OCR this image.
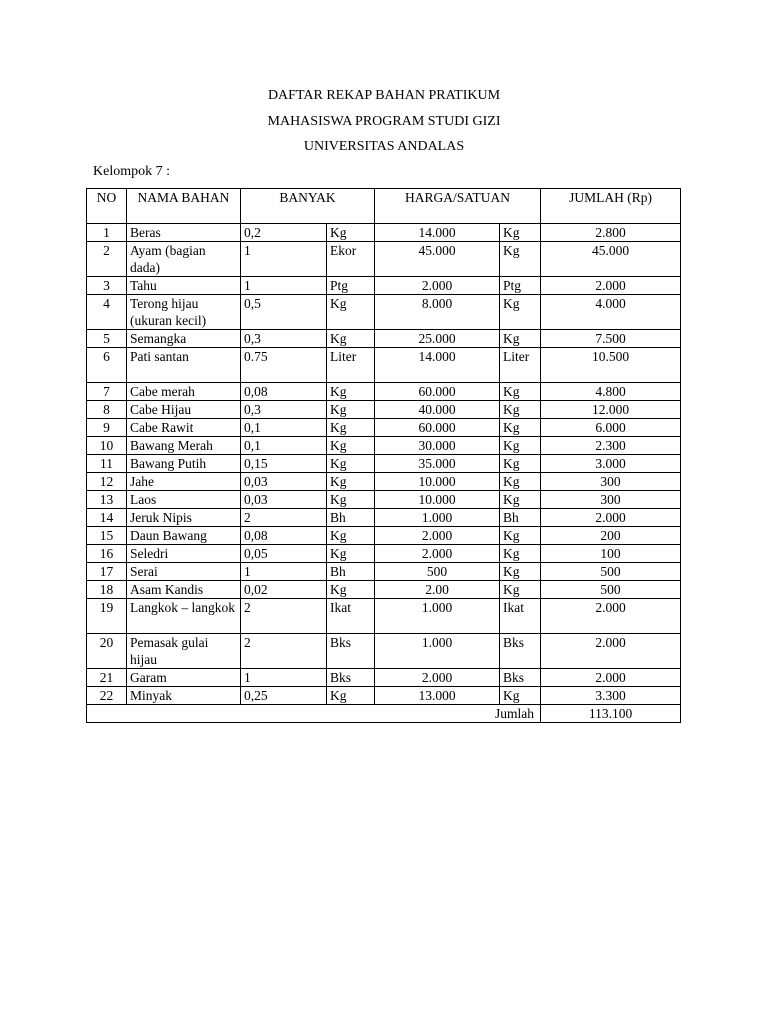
DAFTAR REKAP BAHAN PRATIKUM
MAHASISWA PROGRAM STUDI GIZI
UNIVERSITAS ANDALAS
Kelompok 7 :
NO	NAMA BAHAN	BANYAK		HARGA/SATUAN		JUMLAH (Rp)
1	Beras	0,2	Kg	14.000	Kg	2.800
2	Ayam (bagian dada)	1	Ekor	45.000	Kg	45.000
3	Tahu	1	Ptg	2.000	Ptg	2.000
4	Terong hijau (ukuran kecil)	0,5	Kg	8.000	Kg	4.000
5	Semangka	0,3	Kg	25.000	Kg	7.500
6	Pati santan	0.75	Liter	14.000	Liter	10.500
7	Cabe merah	0,08	Kg	60.000	Kg	4.800
8	Cabe Hijau	0,3	Kg	40.000	Kg	12.000
9	Cabe Rawit	0,1	Kg	60.000	Kg	6.000
10	Bawang Merah	0,1	Kg	30.000	Kg	2.300
11	Bawang Putih	0,15	Kg	35.000	Kg	3.000
12	Jahe	0,03	Kg	10.000	Kg	300
13	Laos	0,03	Kg	10.000	Kg	300
14	Jeruk Nipis	2	Bh	1.000	Bh	2.000
15	Daun Bawang	0,08	Kg	2.000	Kg	200
16	Seledri	0,05	Kg	2.000	Kg	100
17	Serai	1	Bh	500	Kg	500
18	Asam Kandis	0,02	Kg	2.00	Kg	500
19	Langkok – langkok	2	Ikat	1.000	Ikat	2.000
20	Pemasak gulai hijau	2	Bks	1.000	Bks	2.000
21	Garam	1	Bks	2.000	Bks	2.000
22	Minyak	0,25	Kg	13.000	Kg	3.300
Jumlah						113.100
